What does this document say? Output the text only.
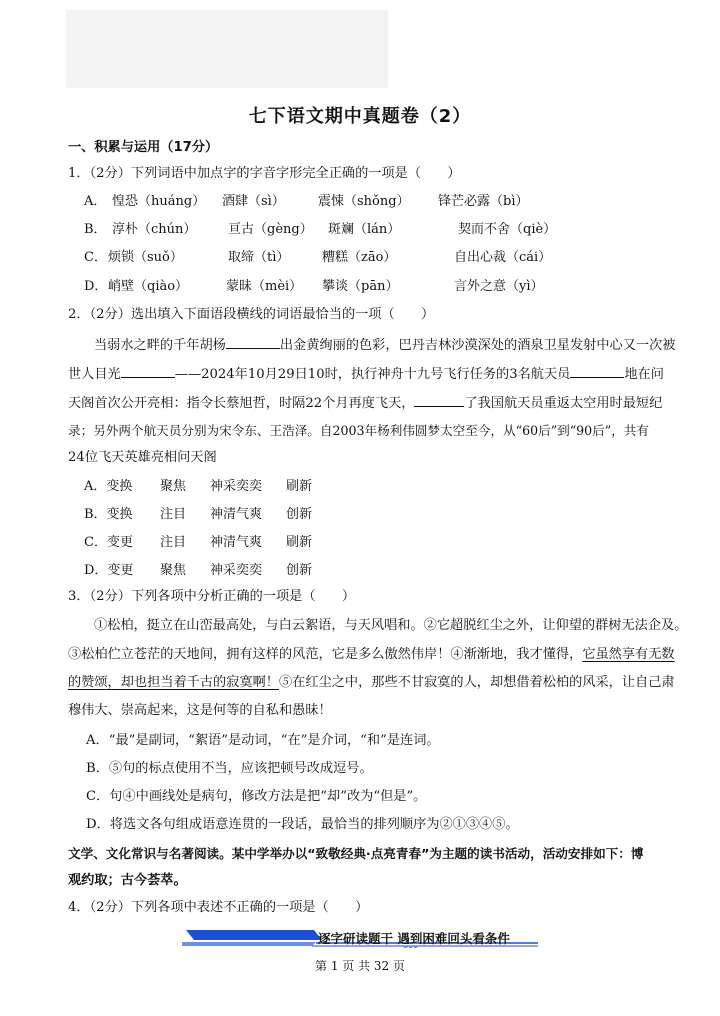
七下语文期中真题卷（2）
一、积累与运用（17分）
1．（2分）下列词语中加点字的字音字形完全正确的一项是（　　）
A． 惶恐（huáng） 酒肆（sì）	震悚（shǒng） 锋芒必露（bì）
B． 淳朴（chún） 亘古（gèng） 斑斓（lán）	契而不舍（qiè）
C． 烦锁（suǒ）	取缔（tì）	糟糕（zāo）	自出心裁（cái）
D． 峭壁（qiào）	蒙昧（mèi） 攀谈（pān）	言外之意（yì）
2．（2分）选出填入下面语段横线的词语最恰当的一项（　　）
当弱水之畔的千年胡杨	出金黄绚丽的色彩，巴丹吉林沙漠深处的酒泉卫星发射中心又一次被
世人目光	——2024年10月29日10时，执行神舟十九号飞行任务的3名航天员	地在问
天阁首次公开亮相：指令长蔡旭哲，时隔22个月再度飞天，	了我国航天员重返太空用时最短纪
录；另外两个航天员分别为宋令东、王浩泽。自2003年杨利伟圆梦太空至今，从“60后”到“90后”，共有
24位飞天英雄亮相问天阁
A．变换 聚焦 神采奕奕 刷新
B．变换 注目 神清气爽 创新
C．变更 注目 神清气爽 刷新
D．变更 聚焦 神采奕奕 创新
3．（2分）下列各项中分析正确的一项是（　　）
①松柏，挺立在山峦最高处，与白云絮语，与天风唱和。②它超脱红尘之外，让仰望的群树无法企及。
③松柏伫立苍茫的天地间，拥有这样的风范，它是多么傲然伟岸！④渐渐地，我才懂得，它虽然享有无数
的赞颂，却也担当着千古的寂寞啊！⑤在红尘之中，那些不甘寂寞的人，却想借着松柏的风采，让自己肃
穆伟大、崇高起来，这是何等的自私和愚昧！
A．“最”是副词，“絮语”是动词，“在”是介词，“和”是连词。
B．⑤句的标点使用不当，应该把顿号改成逗号。
C．句④中画线处是病句，修改方法是把“却”改为“但是”。
D．将选文各句组成语意连贯的一段话，最恰当的排列顺序为②①③④⑤。
文学、文化常识与名著阅读。某中学举办以“致敬经典·点亮青春”为主题的读书活动，活动安排如下：博
观约取；古今荟萃。
4．（2分）下列各项中表述不正确的一项是（　　）
逐字研读题干 遇到困难回头看条件
第 1 页 共 32 页
